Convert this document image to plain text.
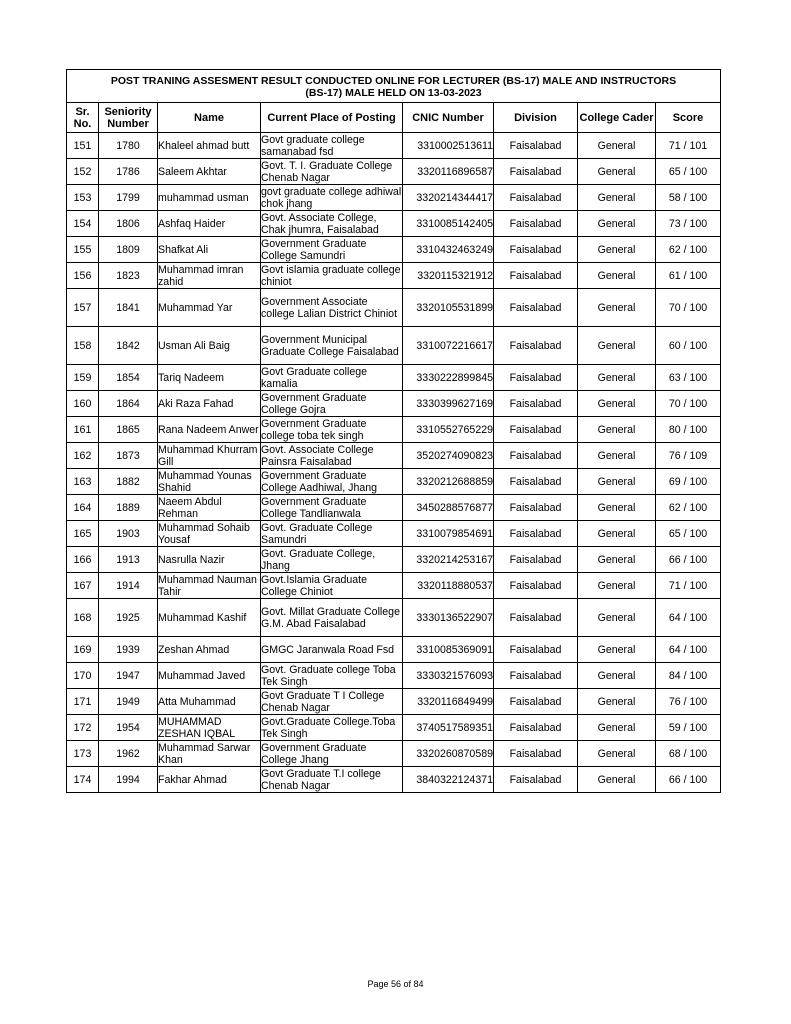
POST TRANING ASSESMENT RESULT CONDUCTED ONLINE FOR LECTURER (BS-17) MALE AND INSTRUCTORS
(BS-17) MALE HELD ON 13-03-2023							

Sr. No.	Seniority Number	Name	Current Place of Posting	CNIC Number	Division	College Cader	Score
151	1780	Khaleel ahmad butt	Govt graduate college samanabad fsd	3310002513611	Faisalabad	General	71 / 101
152	1786	Saleem Akhtar	Govt. T. I. Graduate College Chenab Nagar	3320116896587	Faisalabad	General	65 / 100
153	1799	muhammad usman	govt graduate college adhiwal chok jhang	3320214344417	Faisalabad	General	58 / 100
154	1806	Ashfaq Haider	Govt. Associate College, Chak jhumra, Faisalabad	3310085142405	Faisalabad	General	73 / 100
155	1809	Shafkat Ali	Government Graduate College Samundri	3310432463249	Faisalabad	General	62 / 100
156	1823	Muhammad imran zahid	Govt islamia graduate college chiniot	3320115321912	Faisalabad	General	61 / 100
157	1841	Muhammad Yar	Government Associate college Lalian District Chiniot	3320105531899	Faisalabad	General	70 / 100
158	1842	Usman Ali Baig	Government Municipal Graduate College Faisalabad	3310072216617	Faisalabad	General	60 / 100
159	1854	Tariq Nadeem	Govt Graduate college kamalia	3330222899845	Faisalabad	General	63 / 100
160	1864	Aki Raza Fahad	Government Graduate College Gojra	3330399627169	Faisalabad	General	70 / 100
161	1865	Rana Nadeem Anwer	Government Graduate college toba tek singh	3310552765229	Faisalabad	General	80 / 100
162	1873	Muhammad Khurram Gill	Govt. Associate College Painsra Faisalabad	3520274090823	Faisalabad	General	76 / 109
163	1882	Muhammad Younas Shahid	Government Graduate College Aadhiwal, Jhang	3320212688859	Faisalabad	General	69 / 100
164	1889	Naeem Abdul Rehman	Government Graduate College Tandlianwala	3450288576877	Faisalabad	General	62 / 100
165	1903	Muhammad Sohaib Yousaf	Govt. Graduate College Samundri	3310079854691	Faisalabad	General	65 / 100
166	1913	Nasrulla Nazir	Govt. Graduate College, Jhang	3320214253167	Faisalabad	General	66 / 100
167	1914	Muhammad Nauman Tahir	Govt.Islamia Graduate College Chiniot	3320118880537	Faisalabad	General	71 / 100
168	1925	Muhammad Kashif	Govt. Millat Graduate College G.M. Abad Faisalabad	3330136522907	Faisalabad	General	64 / 100
169	1939	Zeshan Ahmad	GMGC Jaranwala Road Fsd	3310085369091	Faisalabad	General	64 / 100
170	1947	Muhammad Javed	Govt. Graduate college Toba Tek Singh	3330321576093	Faisalabad	General	84 / 100
171	1949	Atta Muhammad	Govt Graduate T I College Chenab Nagar	3320116849499	Faisalabad	General	76 / 100
172	1954	MUHAMMAD ZESHAN IQBAL	Govt.Graduate College.Toba Tek Singh	3740517589351	Faisalabad	General	59 / 100
173	1962	Muhammad Sarwar Khan	Government Graduate College Jhang	3320260870589	Faisalabad	General	68 / 100
174	1994	Fakhar Ahmad	Govt Graduate T.I college Chenab Nagar	3840322124371	Faisalabad	General	66 / 100
Page 56 of 84
